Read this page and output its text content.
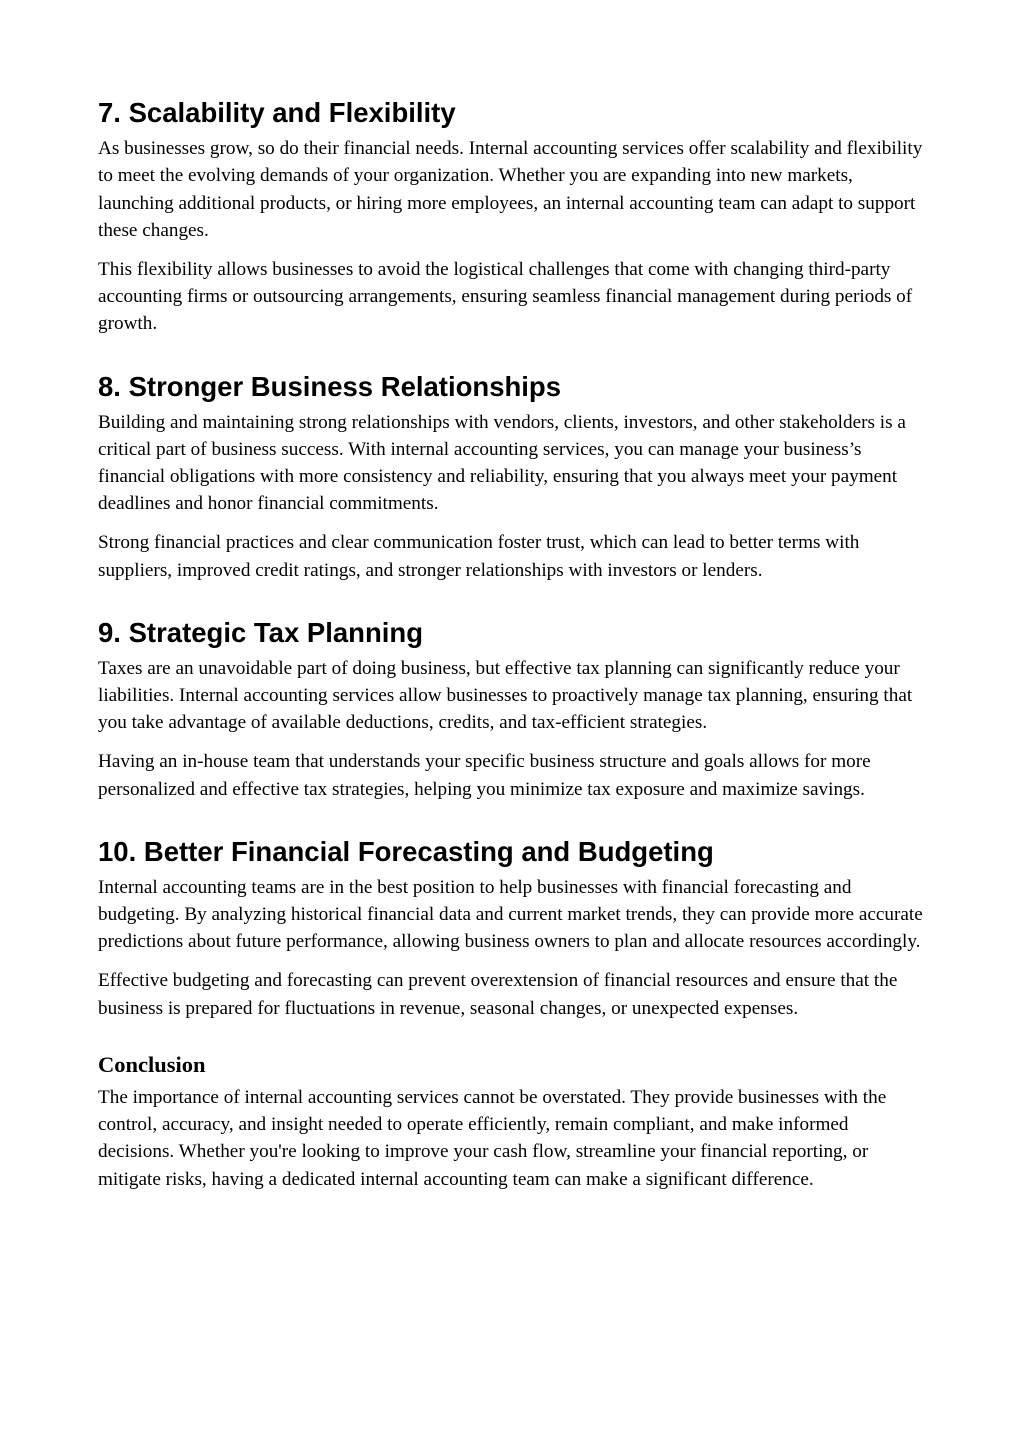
7. Scalability and Flexibility

As businesses grow, so do their financial needs. Internal accounting services offer scalability and flexibility to meet the evolving demands of your organization. Whether you are expanding into new markets, launching additional products, or hiring more employees, an internal accounting team can adapt to support these changes.

This flexibility allows businesses to avoid the logistical challenges that come with changing third-party accounting firms or outsourcing arrangements, ensuring seamless financial management during periods of growth.

8. Stronger Business Relationships

Building and maintaining strong relationships with vendors, clients, investors, and other stakeholders is a critical part of business success. With internal accounting services, you can manage your business’s financial obligations with more consistency and reliability, ensuring that you always meet your payment deadlines and honor financial commitments.

Strong financial practices and clear communication foster trust, which can lead to better terms with suppliers, improved credit ratings, and stronger relationships with investors or lenders.

9. Strategic Tax Planning

Taxes are an unavoidable part of doing business, but effective tax planning can significantly reduce your liabilities. Internal accounting services allow businesses to proactively manage tax planning, ensuring that you take advantage of available deductions, credits, and tax-efficient strategies.

Having an in-house team that understands your specific business structure and goals allows for more personalized and effective tax strategies, helping you minimize tax exposure and maximize savings.

10. Better Financial Forecasting and Budgeting

Internal accounting teams are in the best position to help businesses with financial forecasting and budgeting. By analyzing historical financial data and current market trends, they can provide more accurate predictions about future performance, allowing business owners to plan and allocate resources accordingly.

Effective budgeting and forecasting can prevent overextension of financial resources and ensure that the business is prepared for fluctuations in revenue, seasonal changes, or unexpected expenses.

Conclusion

The importance of internal accounting services cannot be overstated. They provide businesses with the control, accuracy, and insight needed to operate efficiently, remain compliant, and make informed decisions. Whether you're looking to improve your cash flow, streamline your financial reporting, or mitigate risks, having a dedicated internal accounting team can make a significant difference.
